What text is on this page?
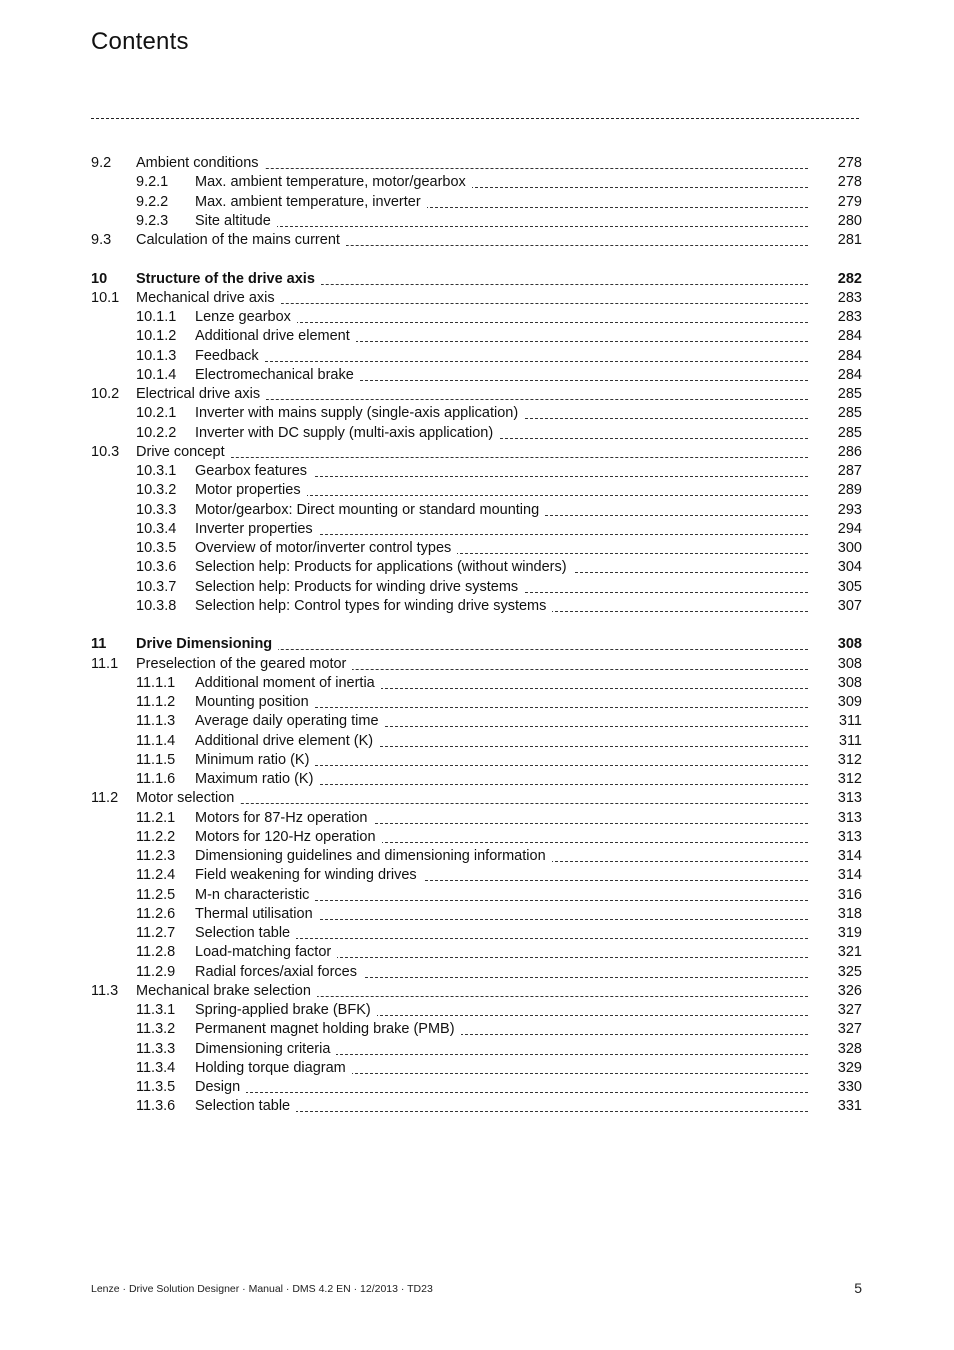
Contents
9.2 Ambient conditions	278
9.2.1 Max. ambient temperature, motor/gearbox	278
9.2.2 Max. ambient temperature, inverter	279
9.2.3 Site altitude	280
9.3 Calculation of the mains current	281
10 Structure of the drive axis	282
10.1 Mechanical drive axis	283
10.1.1 Lenze gearbox	283
10.1.2 Additional drive element	284
10.1.3 Feedback	284
10.1.4 Electromechanical brake	284
10.2 Electrical drive axis	285
10.2.1 Inverter with mains supply (single-axis application)	285
10.2.2 Inverter with DC supply (multi-axis application)	285
10.3 Drive concept	286
10.3.1 Gearbox features	287
10.3.2 Motor properties	289
10.3.3 Motor/gearbox: Direct mounting or standard mounting	293
10.3.4 Inverter properties	294
10.3.5 Overview of motor/inverter control types	300
10.3.6 Selection help: Products for applications (without winders)	304
10.3.7 Selection help: Products for winding drive systems	305
10.3.8 Selection help: Control types for winding drive systems	307
11 Drive Dimensioning	308
11.1 Preselection of the geared motor	308
11.1.1 Additional moment of inertia	308
11.1.2 Mounting position	309
11.1.3 Average daily operating time	311
11.1.4 Additional drive element (K)	311
11.1.5 Minimum ratio (K)	312
11.1.6 Maximum ratio (K)	312
11.2 Motor selection	313
11.2.1 Motors for 87-Hz operation	313
11.2.2 Motors for 120-Hz operation	313
11.2.3 Dimensioning guidelines and dimensioning information	314
11.2.4 Field weakening for winding drives	314
11.2.5 M-n characteristic	316
11.2.6 Thermal utilisation	318
11.2.7 Selection table	319
11.2.8 Load-matching factor	321
11.2.9 Radial forces/axial forces	325
11.3 Mechanical brake selection	326
11.3.1 Spring-applied brake (BFK)	327
11.3.2 Permanent magnet holding brake (PMB)	327
11.3.3 Dimensioning criteria	328
11.3.4 Holding torque diagram	329
11.3.5 Design	330
11.3.6 Selection table	331
Lenze · Drive Solution Designer · Manual · DMS 4.2 EN · 12/2013 · TD23	5
